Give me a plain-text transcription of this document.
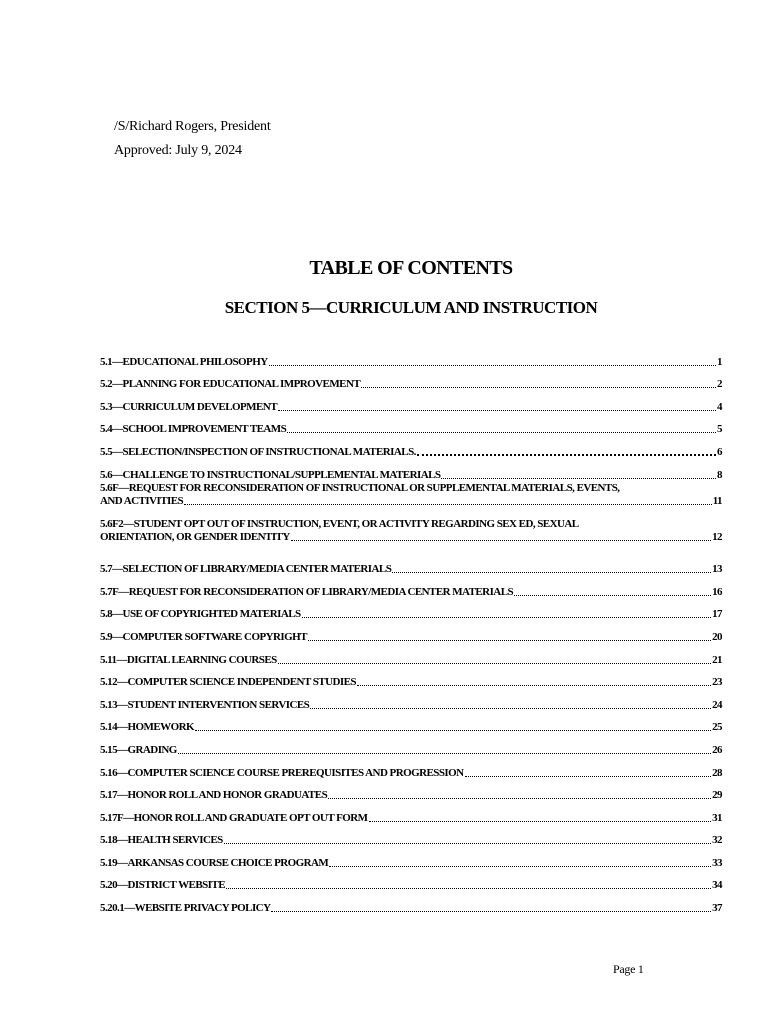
/S/Richard Rogers, President
Approved: July 9, 2024
TABLE OF CONTENTS
SECTION 5—CURRICULUM AND INSTRUCTION
5.1—EDUCATIONAL PHILOSOPHY	1
5.2—PLANNING FOR EDUCATIONAL IMPROVEMENT	2
5.3—CURRICULUM DEVELOPMENT	4
5.4—SCHOOL IMPROVEMENT TEAMS	5
5.5—SELECTION/INSPECTION OF INSTRUCTIONAL MATERIALS.	6
5.6—CHALLENGE TO INSTRUCTIONAL/SUPPLEMENTAL MATERIALS	8
5.6F—REQUEST FOR RECONSIDERATION OF INSTRUCTIONAL OR SUPPLEMENTAL MATERIALS, EVENTS,
AND ACTIVITIES	11
5.6F2—STUDENT OPT OUT OF INSTRUCTION, EVENT, OR ACTIVITY REGARDING SEX ED, SEXUAL
ORIENTATION, OR GENDER IDENTITY	12
5.7—SELECTION OF LIBRARY/MEDIA CENTER MATERIALS	13
5.7F—REQUEST FOR RECONSIDERATION OF LIBRARY/MEDIA CENTER MATERIALS	16
5.8—USE OF COPYRIGHTED MATERIALS	17
5.9—COMPUTER SOFTWARE COPYRIGHT	20
5.11—DIGITAL LEARNING COURSES	21
5.12—COMPUTER SCIENCE INDEPENDENT STUDIES	23
5.13—STUDENT INTERVENTION SERVICES	24
5.14—HOMEWORK	25
5.15—GRADING	26
5.16—COMPUTER SCIENCE COURSE PREREQUISITES AND PROGRESSION	28
5.17—HONOR ROLL AND HONOR GRADUATES	29
5.17F—HONOR ROLL AND GRADUATE OPT OUT FORM	31
5.18—HEALTH SERVICES	32
5.19—ARKANSAS COURSE CHOICE PROGRAM	33
5.20—DISTRICT WEBSITE	34
5.20.1—WEBSITE PRIVACY POLICY	37
Page 1
